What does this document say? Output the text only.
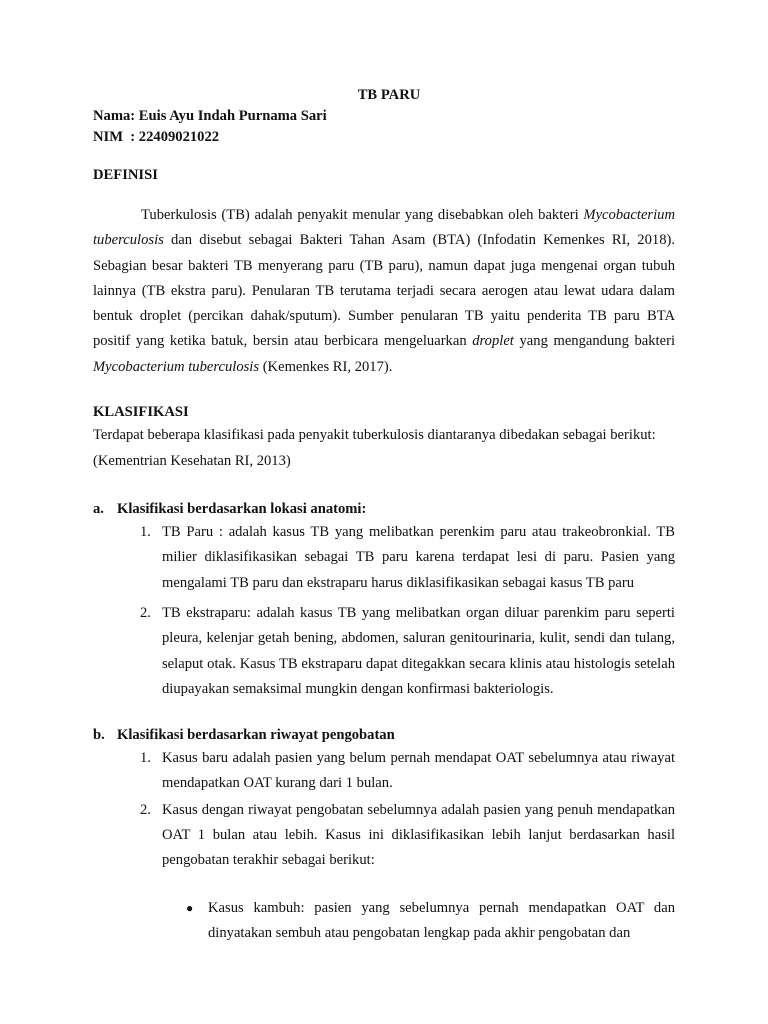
TB PARU

Nama: Euis Ayu Indah Purnama Sari

NIM  : 22409021022

DEFINISI

Tuberkulosis (TB) adalah penyakit menular yang disebabkan oleh bakteri Mycobacterium tuberculosis dan disebut sebagai Bakteri Tahan Asam (BTA) (Infodatin Kemenkes RI, 2018). Sebagian besar bakteri TB menyerang paru (TB paru), namun dapat juga mengenai organ tubuh lainnya (TB ekstra paru). Penularan TB terutama terjadi secara aerogen atau lewat udara dalam bentuk droplet (percikan dahak/sputum). Sumber penularan TB yaitu penderita TB paru BTA positif yang ketika batuk, bersin atau berbicara mengeluarkan droplet yang mengandung bakteri Mycobacterium tuberculosis (Kemenkes RI, 2017).

KLASIFIKASI

Terdapat beberapa klasifikasi pada penyakit tuberkulosis diantaranya dibedakan sebagai berikut: (Kementrian Kesehatan RI, 2013)

a. Klasifikasi berdasarkan lokasi anatomi:

1. TB Paru : adalah kasus TB yang melibatkan perenkim paru atau trakeobronkial. TB milier diklasifikasikan sebagai TB paru karena terdapat lesi di paru. Pasien yang mengalami TB paru dan ekstraparu harus diklasifikasikan sebagai kasus TB paru
2. TB ekstraparu: adalah kasus TB yang melibatkan organ diluar parenkim paru seperti pleura, kelenjar getah bening, abdomen, saluran genitourinaria, kulit, sendi dan tulang, selaput otak. Kasus TB ekstraparu dapat ditegakkan secara klinis atau histologis setelah diupayakan semaksimal mungkin dengan konfirmasi bakteriologis.

b. Klasifikasi berdasarkan riwayat pengobatan

1. Kasus baru adalah pasien yang belum pernah mendapat OAT sebelumnya atau riwayat mendapatkan OAT kurang dari 1 bulan.
2. Kasus dengan riwayat pengobatan sebelumnya adalah pasien yang penuh mendapatkan OAT 1 bulan atau lebih. Kasus ini diklasifikasikan lebih lanjut berdasarkan hasil pengobatan terakhir sebagai berikut:
● Kasus kambuh: pasien yang sebelumnya pernah mendapatkan OAT dan dinyatakan sembuh atau pengobatan lengkap pada akhir pengobatan dan
